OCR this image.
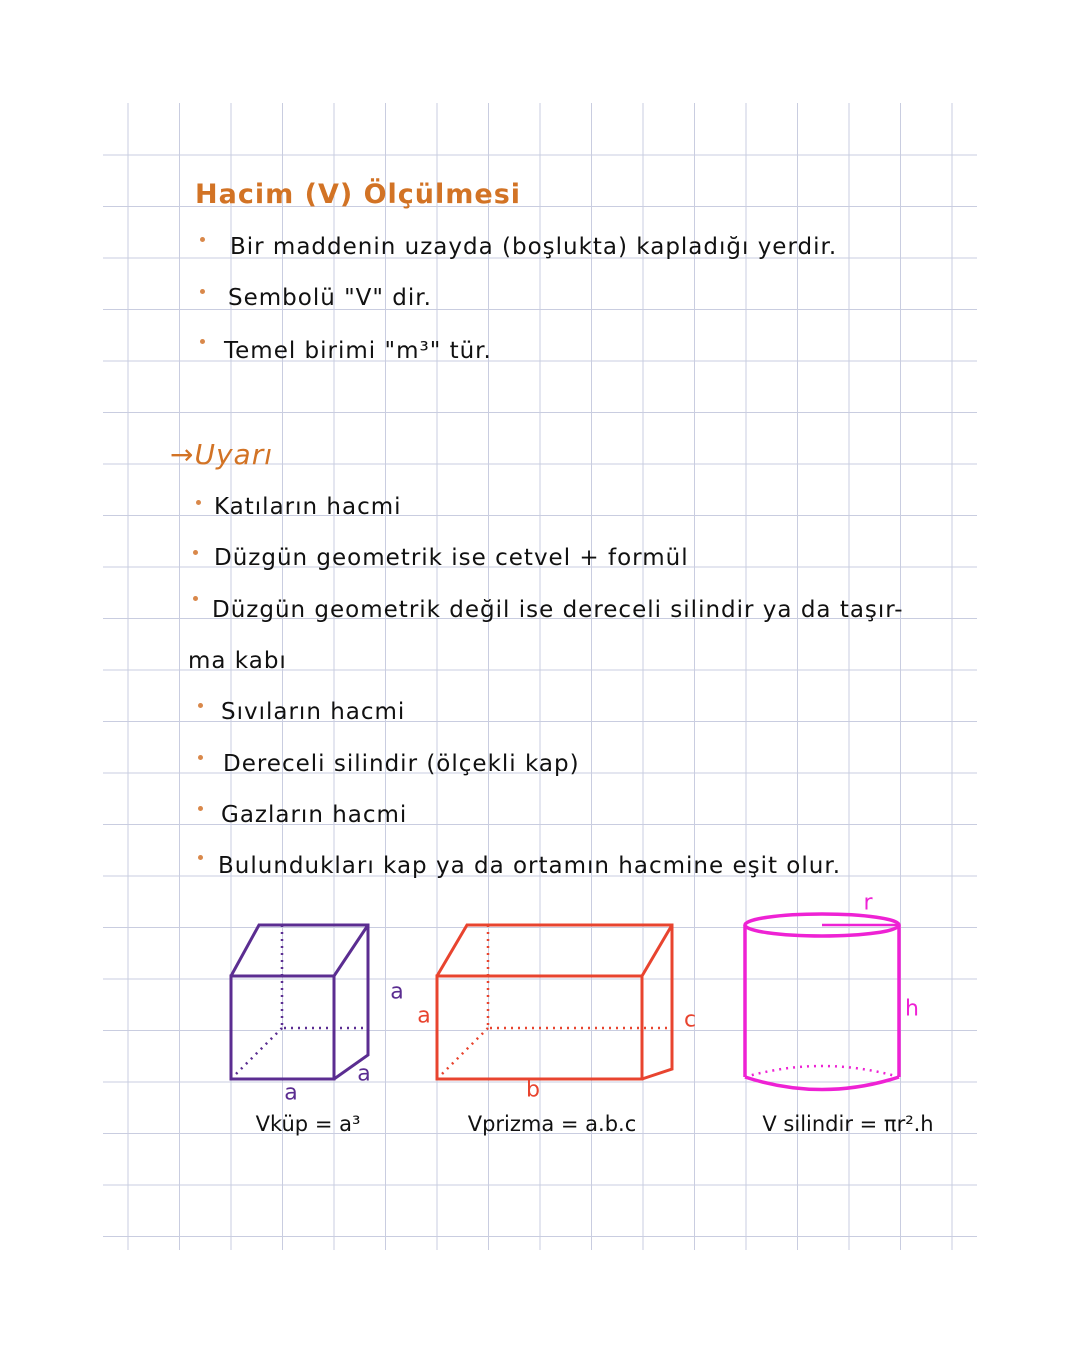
Hacim (V) Ölçülmesi
Bir maddenin uzayda (boşlukta) kapladığı yerdir.
Sembolü "V" dir.
Temel birimi "m³" tür.
→Uyarı
Katıların hacmi
Düzgün geometrik ise cetvel + formül
Düzgün geometrik değil ise dereceli silindir ya da taşır-
ma kabı
Sıvıların hacmi
Dereceli silindir (ölçekli kap)
Gazların hacmi
Bulundukları kap ya da ortamın hacmine eşit olur.
a
a
a
Vküp = a³
a
b
c
Vprizma = a.b.c
r
h
V silindir = πr².h
